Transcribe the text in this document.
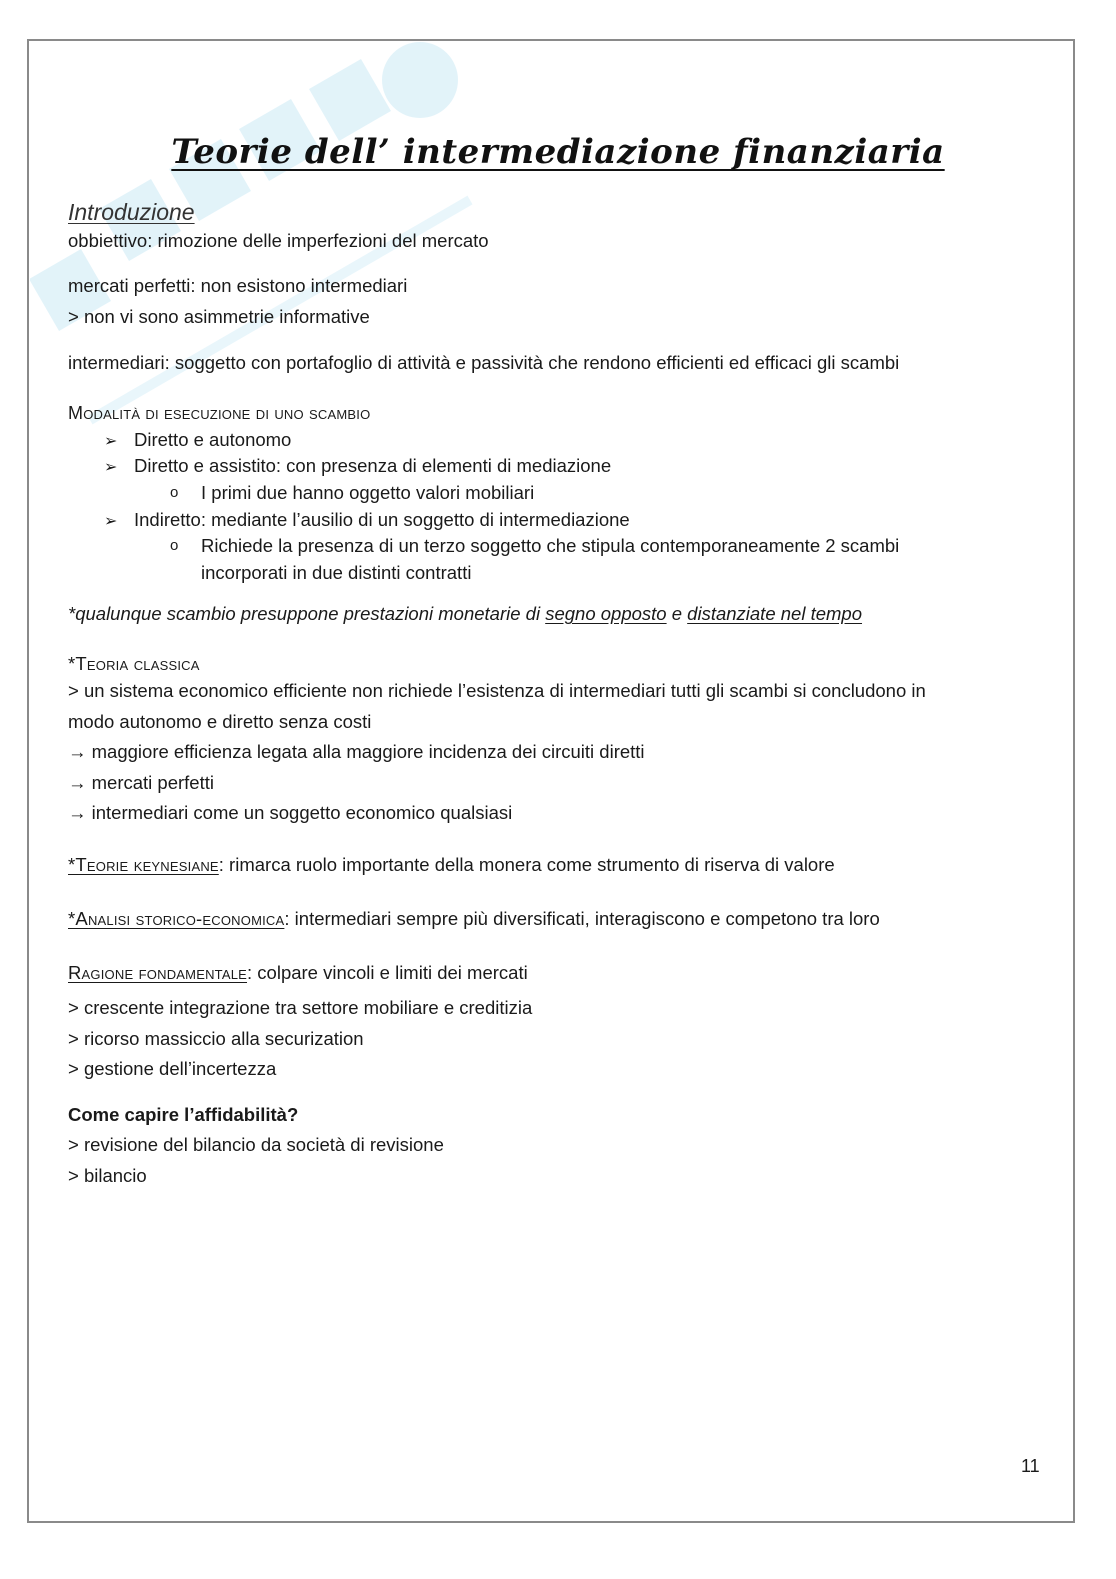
Teorie dell’ intermediazione finanziaria
Introduzione
obbiettivo: rimozione delle imperfezioni del mercato
mercati perfetti: non esistono intermediari
> non vi sono asimmetrie informative
intermediari: soggetto con portafoglio di attività e passività che rendono efficienti ed efficaci gli scambi
Modalità di esecuzione di uno scambio
➢ Diretto e autonomo
➢ Diretto e assistito: con presenza di elementi di mediazione
o I primi due hanno oggetto valori mobiliari
➢ Indiretto: mediante l’ausilio di un soggetto di intermediazione
o Richiede la presenza di un terzo soggetto che stipula contemporaneamente 2 scambi
incorporati in due distinti contratti
*qualunque scambio presuppone prestazioni monetarie di segno opposto e distanziate nel tempo
*Teoria classica
> un sistema economico efficiente non richiede l’esistenza di intermediari tutti gli scambi si concludono in
modo autonomo e diretto senza costi
→ maggiore efficienza legata alla maggiore incidenza dei circuiti diretti
→ mercati perfetti
→ intermediari come un soggetto economico qualsiasi
*Teorie keynesiane: rimarca ruolo importante della monera come strumento di riserva di valore
*Analisi storico-economica: intermediari sempre più diversificati, interagiscono e competono tra loro
Ragione fondamentale: colpare vincoli e limiti dei mercati
> crescente integrazione tra settore mobiliare e creditizia
> ricorso massiccio alla securization
> gestione dell’incertezza
Come capire l’affidabilità?
> revisione del bilancio da società di revisione
> bilancio
11
